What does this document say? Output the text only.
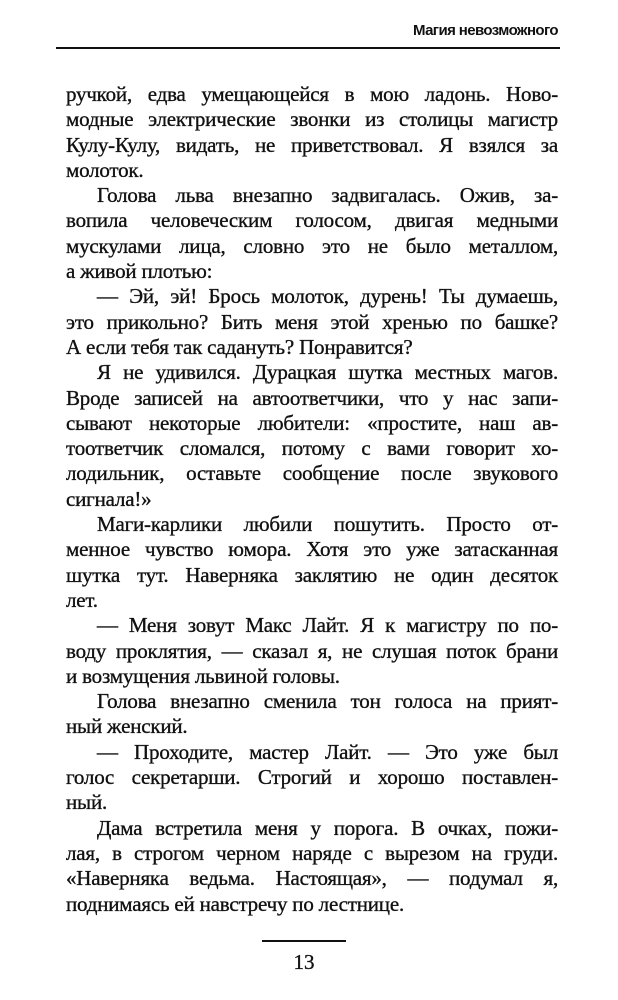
Магия невозможного
ручкой, едва умещающейся в мою ладонь. Ново-
модные электрические звонки из столицы магистр
Кулу-Кулу, видать, не приветствовал. Я взялся за
молоток.
Голова льва внезапно задвигалась. Ожив, за-
вопила человеческим голосом, двигая медными
мускулами лица, словно это не было металлом,
а живой плотью:
— Эй, эй! Брось молоток, дурень! Ты думаешь,
это прикольно? Бить меня этой хренью по башке?
А если тебя так садануть? Понравится?
Я не удивился. Дурацкая шутка местных магов.
Вроде записей на автоответчики, что у нас запи-
сывают некоторые любители: «простите, наш ав-
тоответчик сломался, потому с вами говорит хо-
лодильник, оставьте сообщение после звукового
сигнала!»
Маги-карлики любили пошутить. Просто от-
менное чувство юмора. Хотя это уже затасканная
шутка тут. Наверняка заклятию не один десяток
лет.
— Меня зовут Макс Лайт. Я к магистру по по-
воду проклятия, — сказал я, не слушая поток брани
и возмущения львиной головы.
Голова внезапно сменила тон голоса на прият-
ный женский.
— Проходите, мастер Лайт. — Это уже был
голос секретарши. Строгий и хорошо поставлен-
ный.
Дама встретила меня у порога. В очках, пожи-
лая, в строгом черном наряде с вырезом на груди.
«Наверняка ведьма. Настоящая», — подумал я,
поднимаясь ей навстречу по лестнице.
13
